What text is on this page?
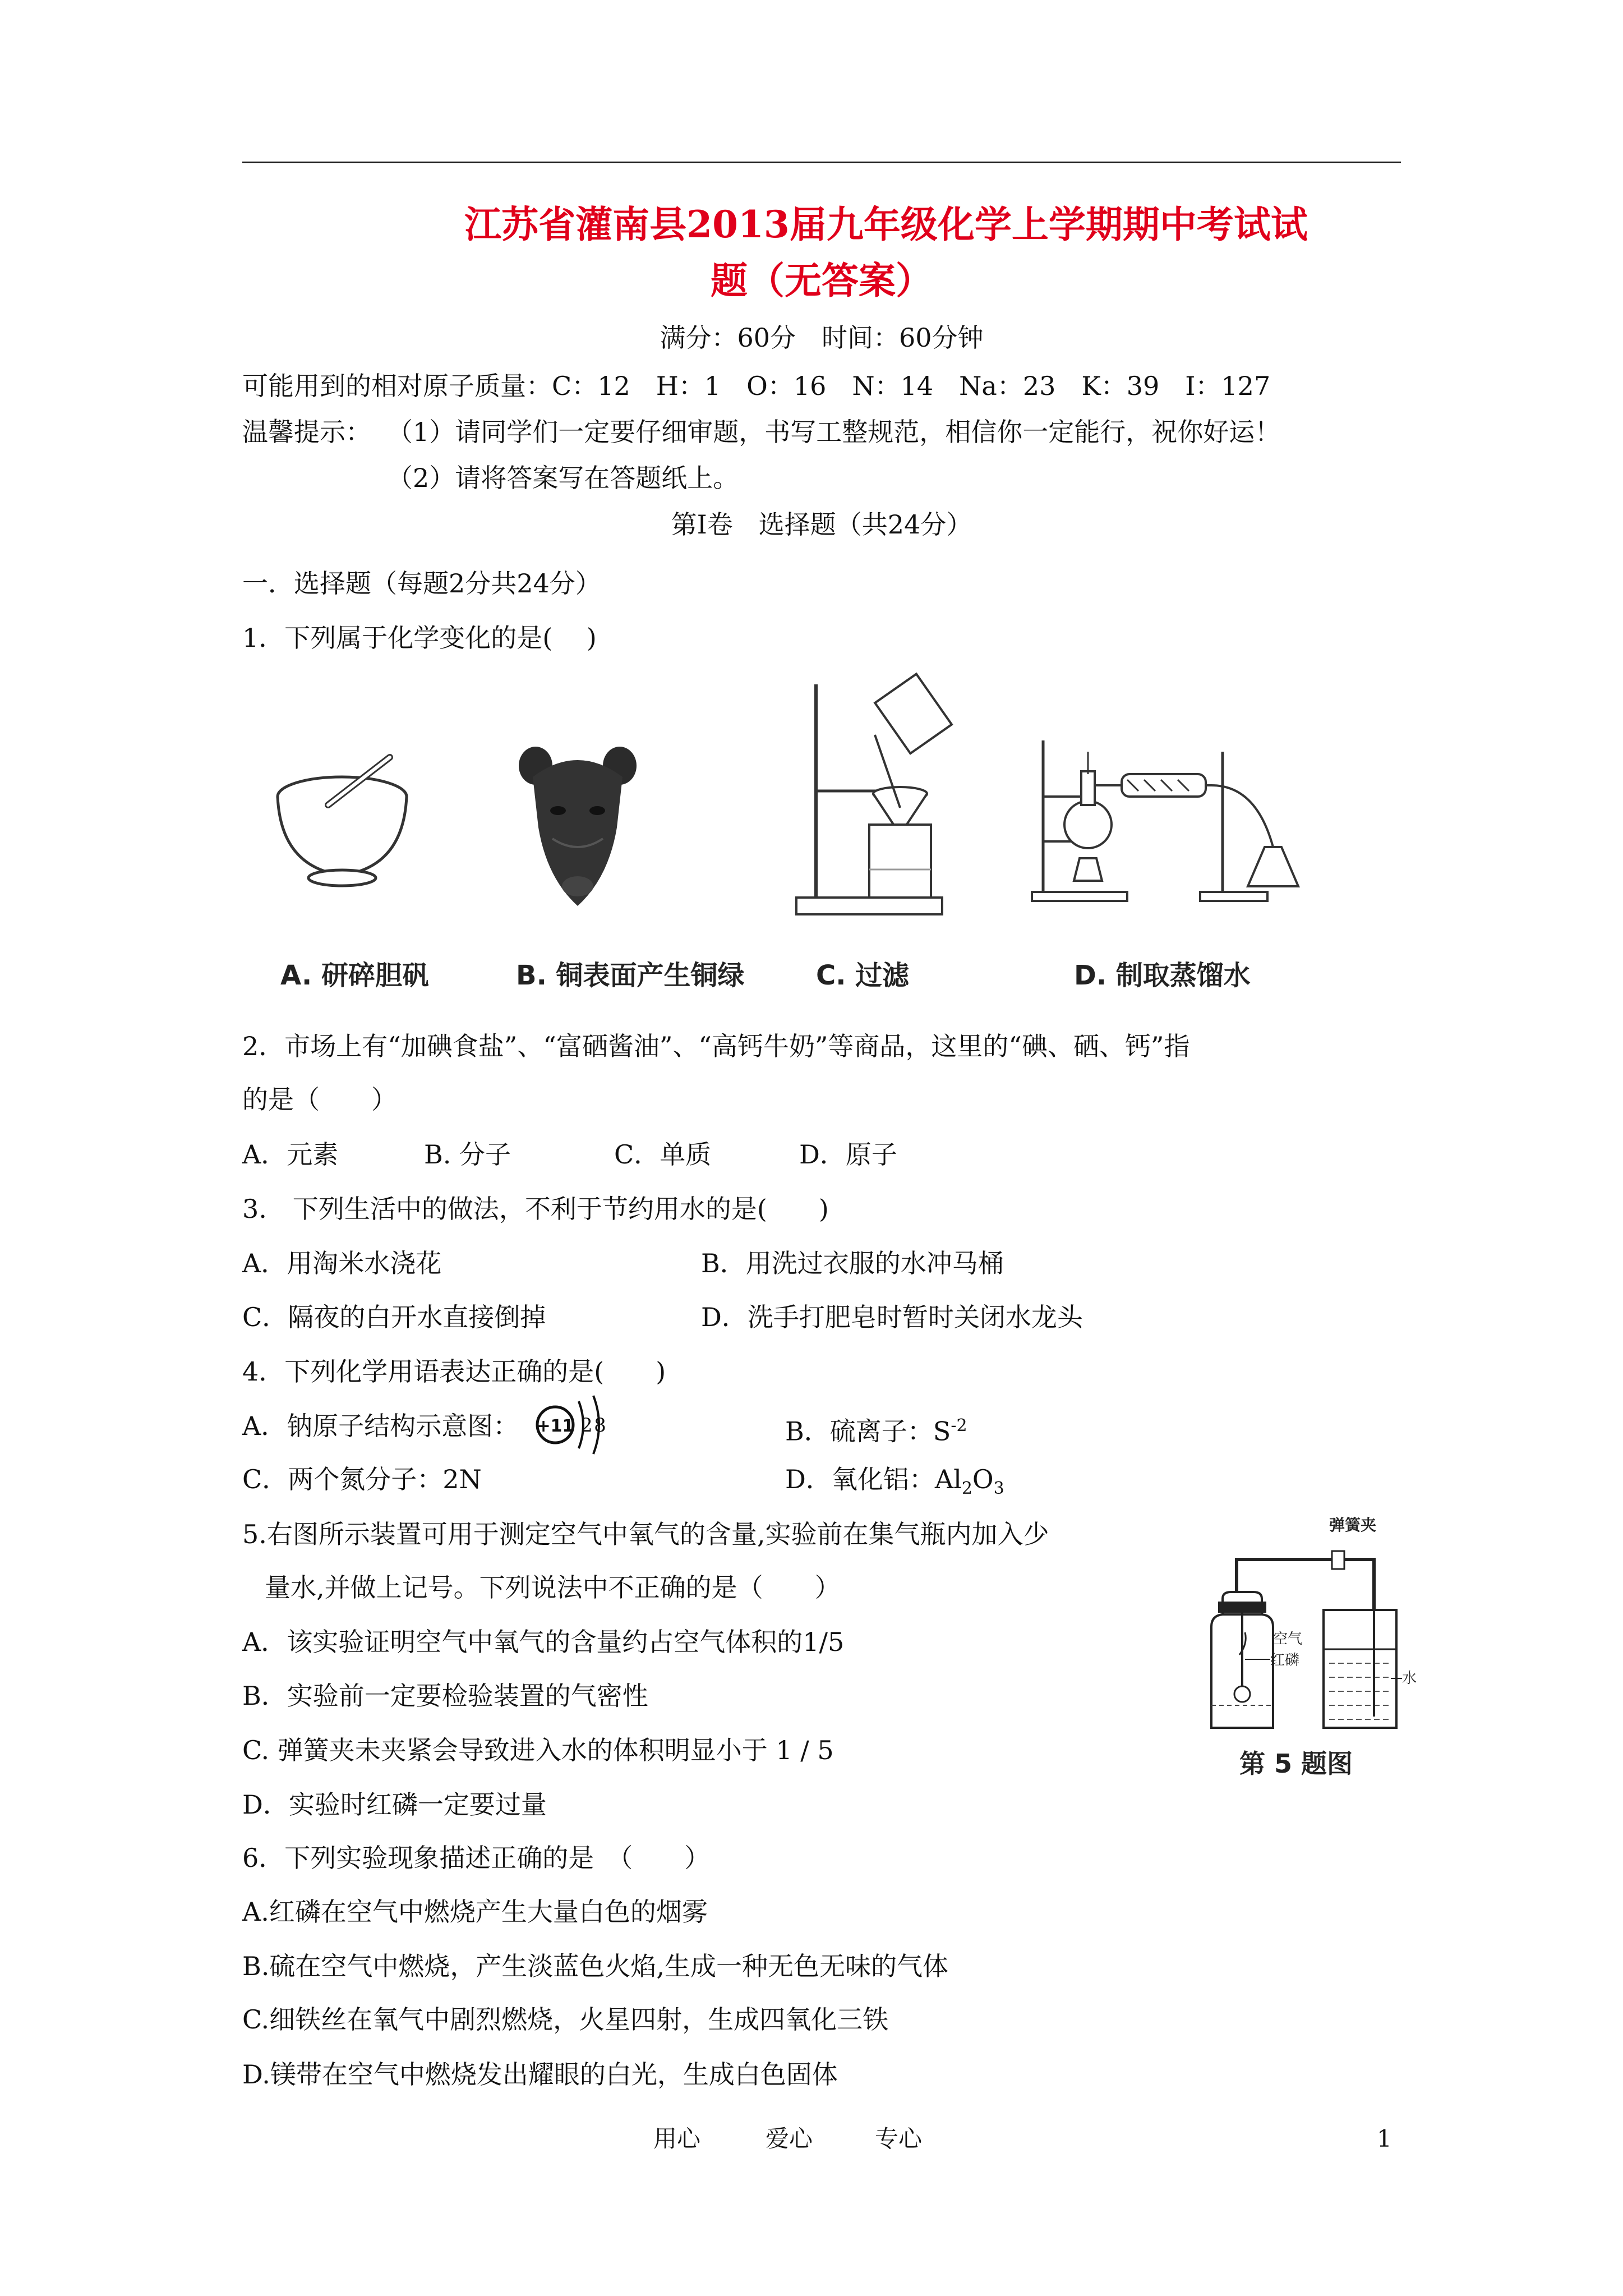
江苏省灌南县2013届九年级化学上学期期中考试试
题（无答案）
满分：60分　时间：60分钟
可能用到的相对原子质量：C：12　H：1　O：16　N：14　Na：23　K：39　I：127
温馨提示： （1）请同学们一定要仔细审题，书写工整规范，相信你一定能行，祝你好运！
（2）请将答案写在答题纸上。
第Ⅰ卷　选择题（共24分）
一．选择题（每题2分共24分）
1．下列属于化学变化的是(　 )
A. 研碎胆矾	B. 铜表面产生铜绿	C. 过滤	D. 制取蒸馏水
2．市场上有“加碘食盐”、“富硒酱油”、“高钙牛奶”等商品，这里的“碘、硒、钙”指
的是（　　）
A．元素	B. 分子	C．单质	D．原子
3.　下列生活中的做法，不利于节约用水的是(　　)
A．用淘米水浇花	B．用洗过衣服的水冲马桶
C．隔夜的白开水直接倒掉	D．洗手打肥皂时暂时关闭水龙头
4．下列化学用语表达正确的是(　　)
A．钠原子结构示意图： +11 2 8	B．硫离子：$S^{-2}$
C．两个氮分子：2N	D．氧化铝：$Al_2O_3$
5.右图所示装置可用于测定空气中氧气的含量,实验前在集气瓶内加入少
量水,并做上记号。下列说法中不正确的是（　　）
A．该实验证明空气中氧气的含量约占空气体积的1/5
B．实验前一定要检验装置的气密性
C. 弹簧夹未夹紧会导致进入水的体积明显小于 1 / 5
D．实验时红磷一定要过量
弹簧夹
空气
红磷
水
第 5 题图
6．下列实验现象描述正确的是　（　　）
A.红磷在空气中燃烧产生大量白色的烟雾
B.硫在空气中燃烧，产生淡蓝色火焰,生成一种无色无味的气体
C.细铁丝在氧气中剧烈燃烧，火星四射，生成四氧化三铁
D.镁带在空气中燃烧发出耀眼的白光，生成白色固体
用心	爱心	专心	1
